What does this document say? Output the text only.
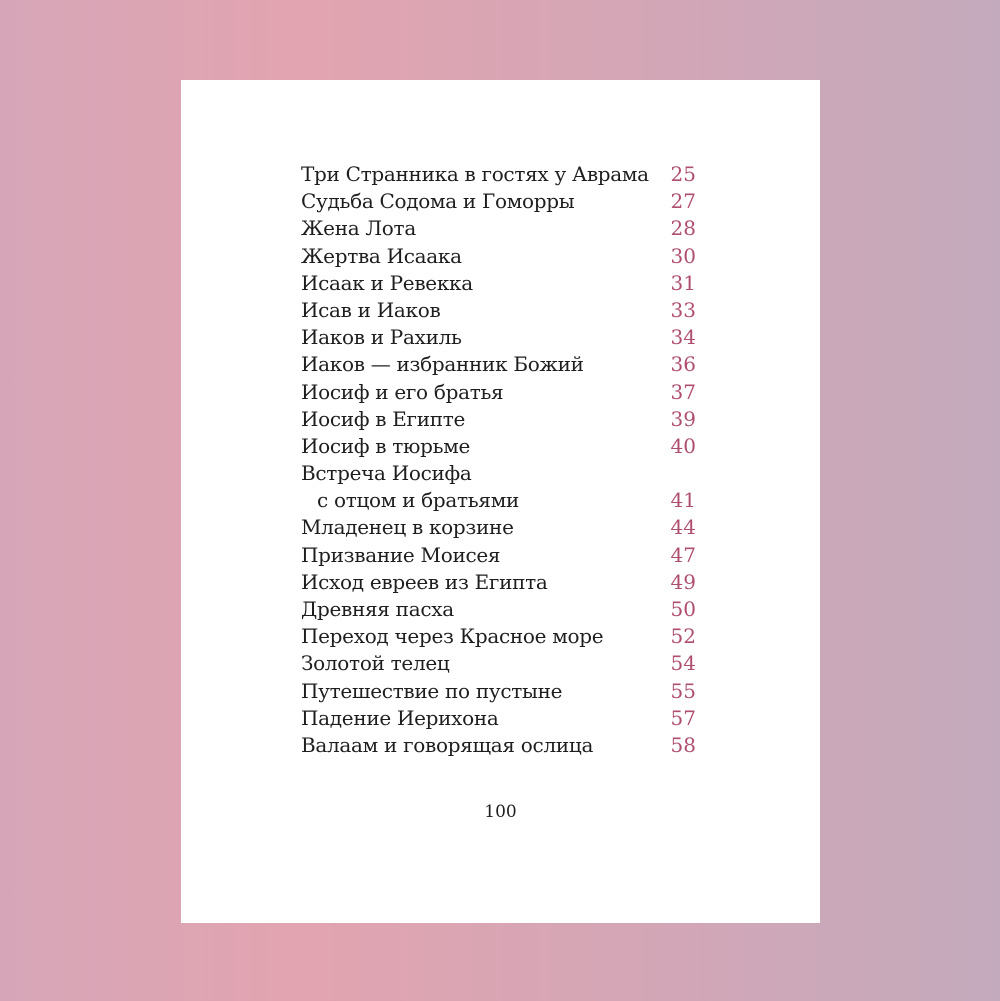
Три Странника в гостях у Аврама	25
Судьба Содома и Гоморры	27
Жена Лота	28
Жертва Исаака	30
Исаак и Ревекка	31
Исав и Иаков	33
Иаков и Рахиль	34
Иаков — избранник Божий	36
Иосиф и его братья	37
Иосиф в Египте	39
Иосиф в тюрьме	40
Встреча Иосифа
с отцом и братьями	41
Младенец в корзине	44
Призвание Моисея	47
Исход евреев из Египта	49
Древняя пасха	50
Переход через Красное море	52
Золотой телец	54
Путешествие по пустыне	55
Падение Иерихона	57
Валаам и говорящая ослица	58
100
